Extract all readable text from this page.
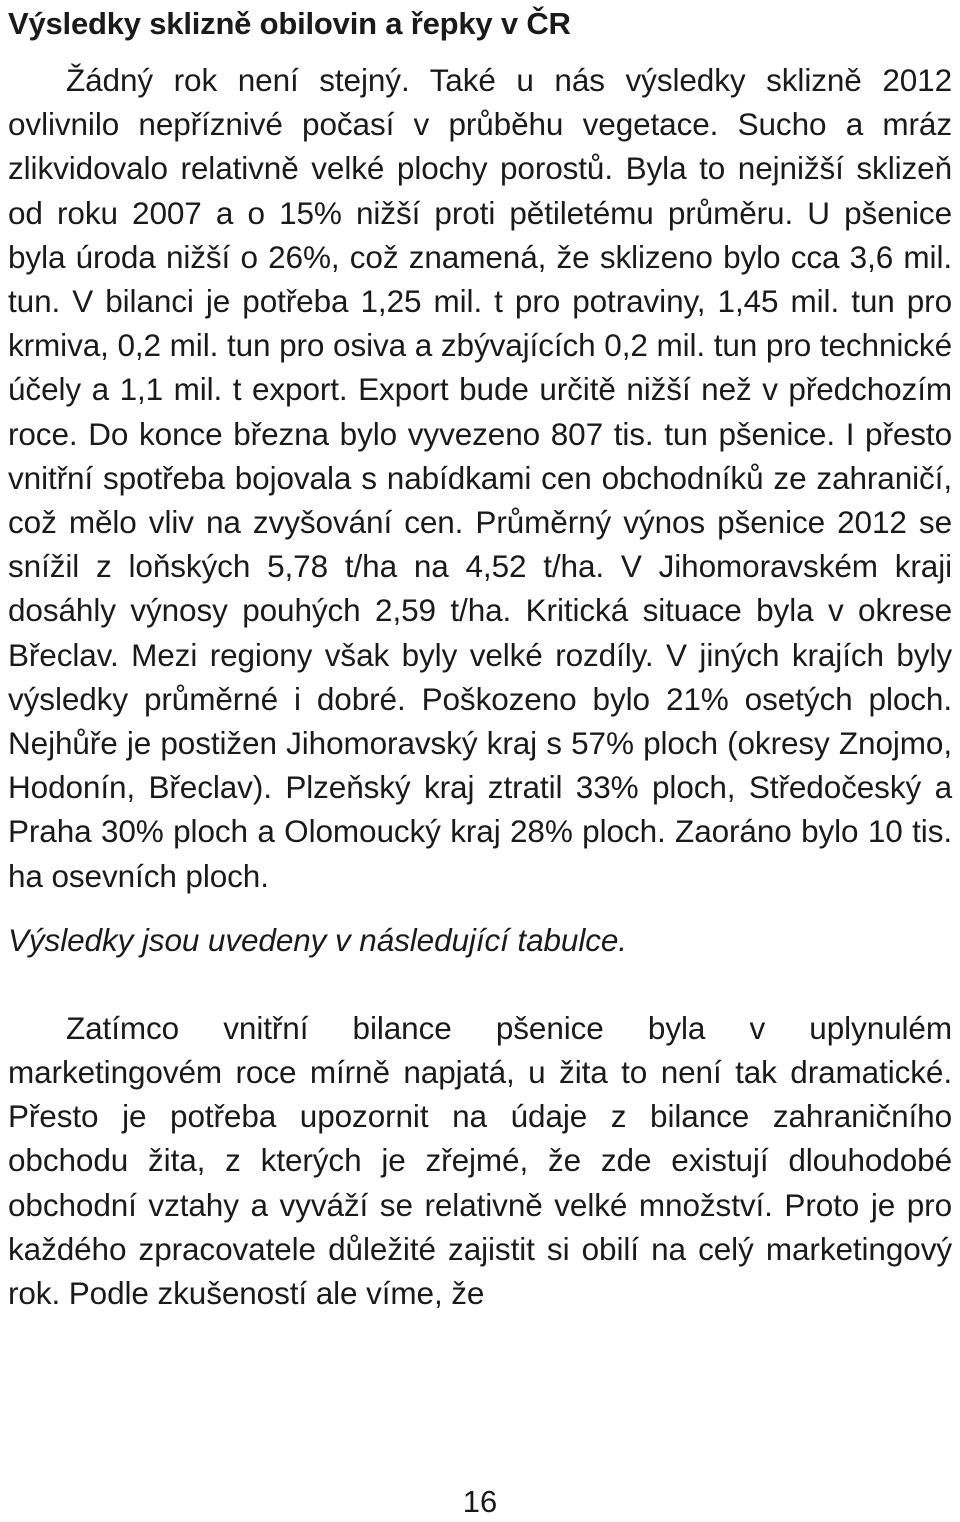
Výsledky sklizně obilovin a řepky v ČR

Žádný rok není stejný. Také u nás výsledky sklizně 2012 ovlivnilo nepříznivé počasí v průběhu vegetace. Sucho a mráz zlikvidovalo relativně velké plochy porostů. Byla to nejnižší sklizeň od roku 2007 a o 15% nižší proti pětiletému průměru. U pšenice byla úroda nižší o 26%, což znamená, že sklizeno bylo cca 3,6 mil. tun. V bilanci je potřeba 1,25 mil. t pro potraviny, 1,45 mil. tun pro krmiva, 0,2 mil. tun pro osiva a zbývajících 0,2 mil. tun pro technické účely a 1,1 mil. t export. Export bude určitě nižší než v předchozím roce. Do konce března bylo vyvezeno 807 tis. tun pšenice. I přesto vnitřní spotřeba bojovala s nabídkami cen obchodníků ze zahraničí, což mělo vliv na zvyšování cen. Průměrný výnos pšenice 2012 se snížil z loňských 5,78 t/ha na 4,52 t/ha. V Jihomoravském kraji dosáhly výnosy pouhých 2,59 t/ha. Kritická situace byla v okrese Břeclav. Mezi regiony však byly velké rozdíly. V jiných krajích byly výsledky průměrné i dobré. Poškozeno bylo 21% osetých ploch. Nejhůře je postižen Jihomoravský kraj s 57% ploch (okresy Znojmo, Hodonín, Břeclav). Plzeňský kraj ztratil 33% ploch, Středočeský a Praha 30% ploch a Olomoucký kraj 28% ploch. Zaoráno bylo 10 tis. ha osevních ploch.

Výsledky jsou uvedeny v následující tabulce.

Zatímco vnitřní bilance pšenice byla v uplynulém marketingovém roce mírně napjatá, u žita to není tak dramatické. Přesto je potřeba upozornit na údaje z bilance zahraničního obchodu žita, z kterých je zřejmé, že zde existují dlouhodobé obchodní vztahy a vyváží se relativně velké množství. Proto je pro každého zpracovatele důležité zajistit si obilí na celý marketingový rok. Podle zkušeností ale víme, že

16
